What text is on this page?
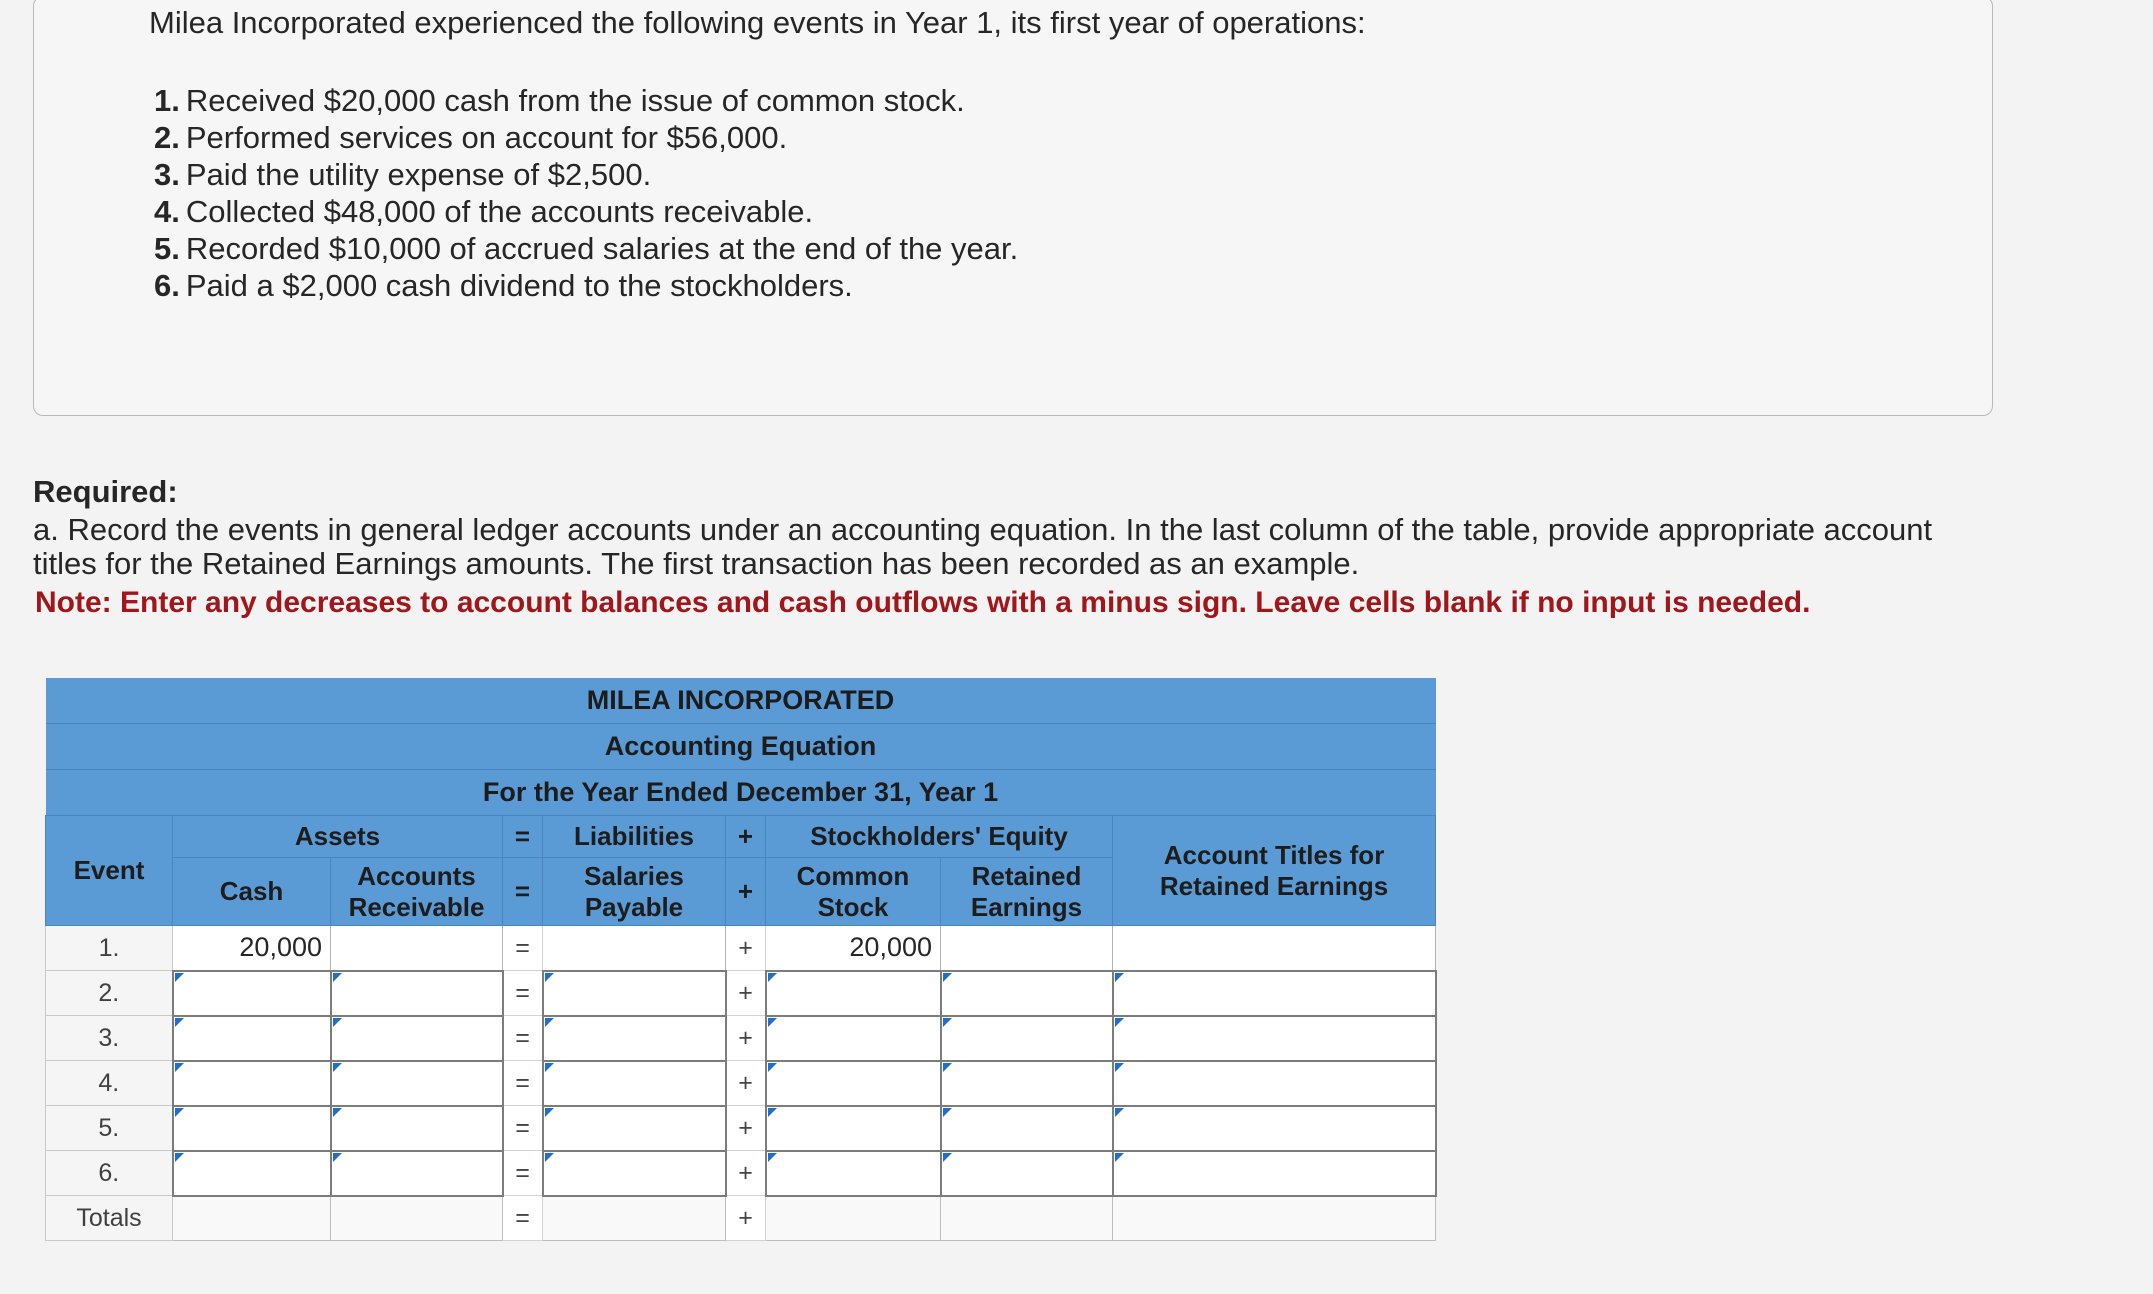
Milea Incorporated experienced the following events in Year 1, its first year of operations:

1. Received $20,000 cash from the issue of common stock.
2. Performed services on account for $56,000.
3. Paid the utility expense of $2,500.
4. Collected $48,000 of the accounts receivable.
5. Recorded $10,000 of accrued salaries at the end of the year.
6. Paid a $2,000 cash dividend to the stockholders.

Required:

a. Record the events in general ledger accounts under an accounting equation. In the last column of the table, provide appropriate account titles for the Retained Earnings amounts. The first transaction has been recorded as an example.

Note: Enter any decreases to account balances and cash outflows with a minus sign. Leave cells blank if no input is needed.

MILEA INCORPORATED								
Accounting Equation								
For the Year Ended December 31, Year 1								
Event	Assets		=	Liabilities	+	Stockholders' Equity		Account Titles for Retained Earnings
	Cash	Accounts Receivable	=	Salaries Payable	+	Common Stock	Retained Earnings	
1.	20,000		=		+	20,000		
2.			=		+			
3.			=		+			
4.			=		+			
5.			=		+			
6.			=		+			
Totals			=		+			
